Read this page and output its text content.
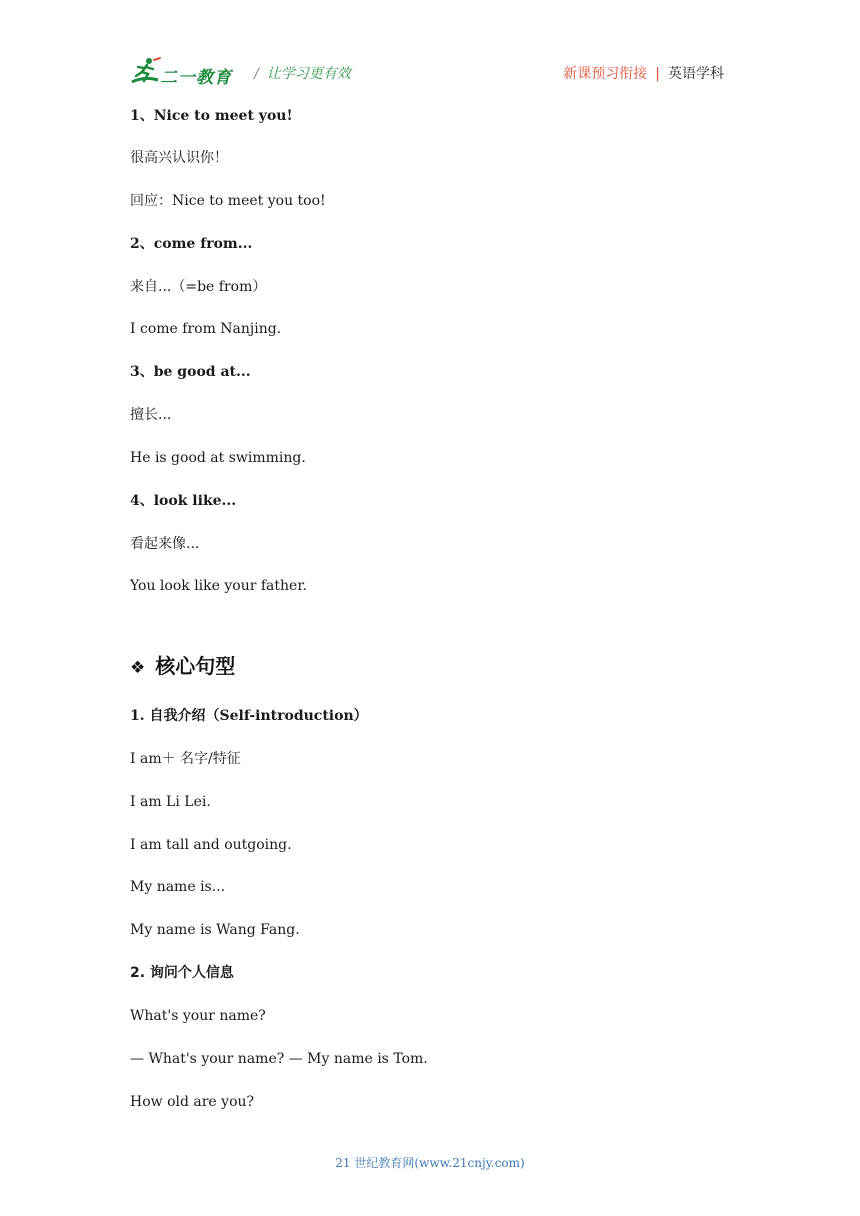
二一教育 / 让学习更有效	新课预习衔接 | 英语学科
1、Nice to meet you!
很高兴认识你！
回应：Nice to meet you too!
2、come from...
来自...（=be from）
I come from Nanjing.
3、be good at...
擅长...
He is good at swimming.
4、look like...
看起来像...
You look like your father.
❖ 核心句型
1. 自我介绍（Self-introduction）
I am＋ 名字/特征
I am Li Lei.
I am tall and outgoing.
My name is...
My name is Wang Fang.
2. 询问个人信息
What's your name?
— What's your name? — My name is Tom.
How old are you?
21 世纪教育网(www.21cnjy.com)
